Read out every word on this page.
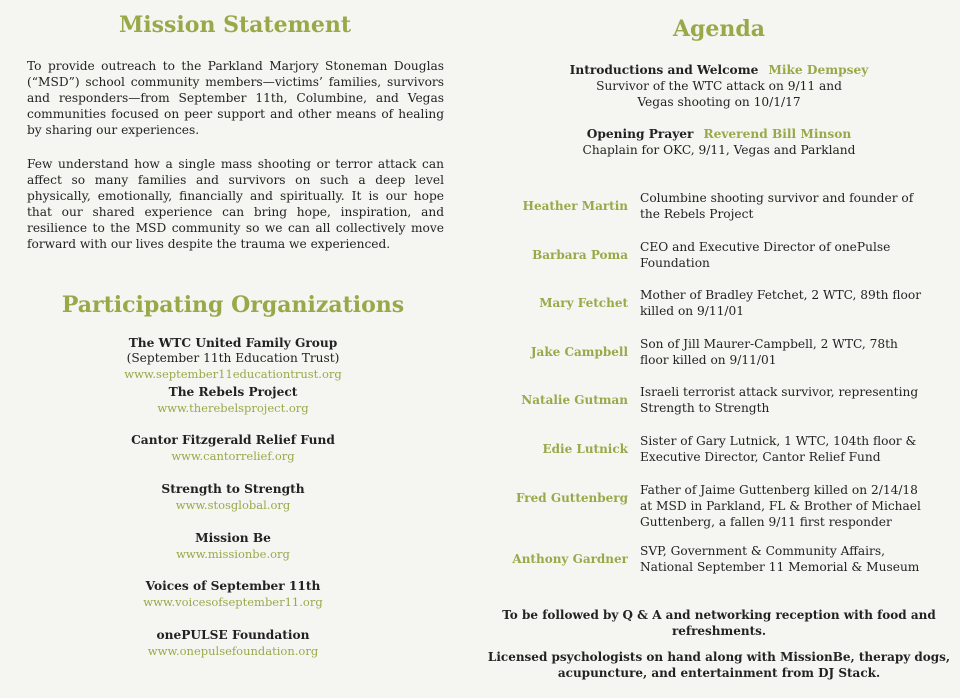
Mission Statement

To provide outreach to the Parkland Marjory Stoneman Douglas (“MSD”) school community members—victims’ families, survivors and responders—from September 11th, Columbine, and Vegas communities focused on peer support and other means of healing by sharing our experiences.

Few understand how a single mass shooting or terror attack can affect so many families and survivors on such a deep level physically, emotionally, financially and spiritually. It is our hope that our shared experience can bring hope, inspiration, and resilience to the MSD community so we can all collectively move forward with our lives despite the trauma we experienced.

Participating Organizations
The WTC United Family Group
(September 11th Education Trust)
www.september11educationtrust.org
The Rebels Project
www.therebelsproject.org
Cantor Fitzgerald Relief Fund
www.cantorrelief.org
Strength to Strength
www.stosglobal.org
Mission Be
www.missionbe.org
Voices of September 11th
www.voicesofseptember11.org
onePULSE Foundation
www.onepulsefoundation.org
Agenda
Introductions and Welcome Mike Dempsey
Survivor of the WTC attack on 9/11 and
Vegas shooting on 10/1/17
Opening Prayer Reverend Bill Minson
Chaplain for OKC, 9/11, Vegas and Parkland
Heather Martin
Columbine shooting survivor and founder of the Rebels Project
Barbara Poma
CEO and Executive Director of onePulse Foundation
Mary Fetchet
Mother of Bradley Fetchet, 2 WTC, 89th floor killed on 9/11/01
Jake Campbell
Son of Jill Maurer-Campbell, 2 WTC, 78th floor killed on 9/11/01
Natalie Gutman
Israeli terrorist attack survivor, representing Strength to Strength
Edie Lutnick
Sister of Gary Lutnick, 1 WTC, 104th floor & Executive Director, Cantor Relief Fund
Fred Guttenberg
Father of Jaime Guttenberg killed on 2/14/18 at MSD in Parkland, FL & Brother of Michael Guttenberg, a fallen 9/11 first responder
Anthony Gardner
SVP, Government & Community Affairs, National September 11 Memorial & Museum
To be followed by Q & A and networking reception with food and refreshments.
Licensed psychologists on hand along with MissionBe, therapy dogs, acupuncture, and entertainment from DJ Stack.
